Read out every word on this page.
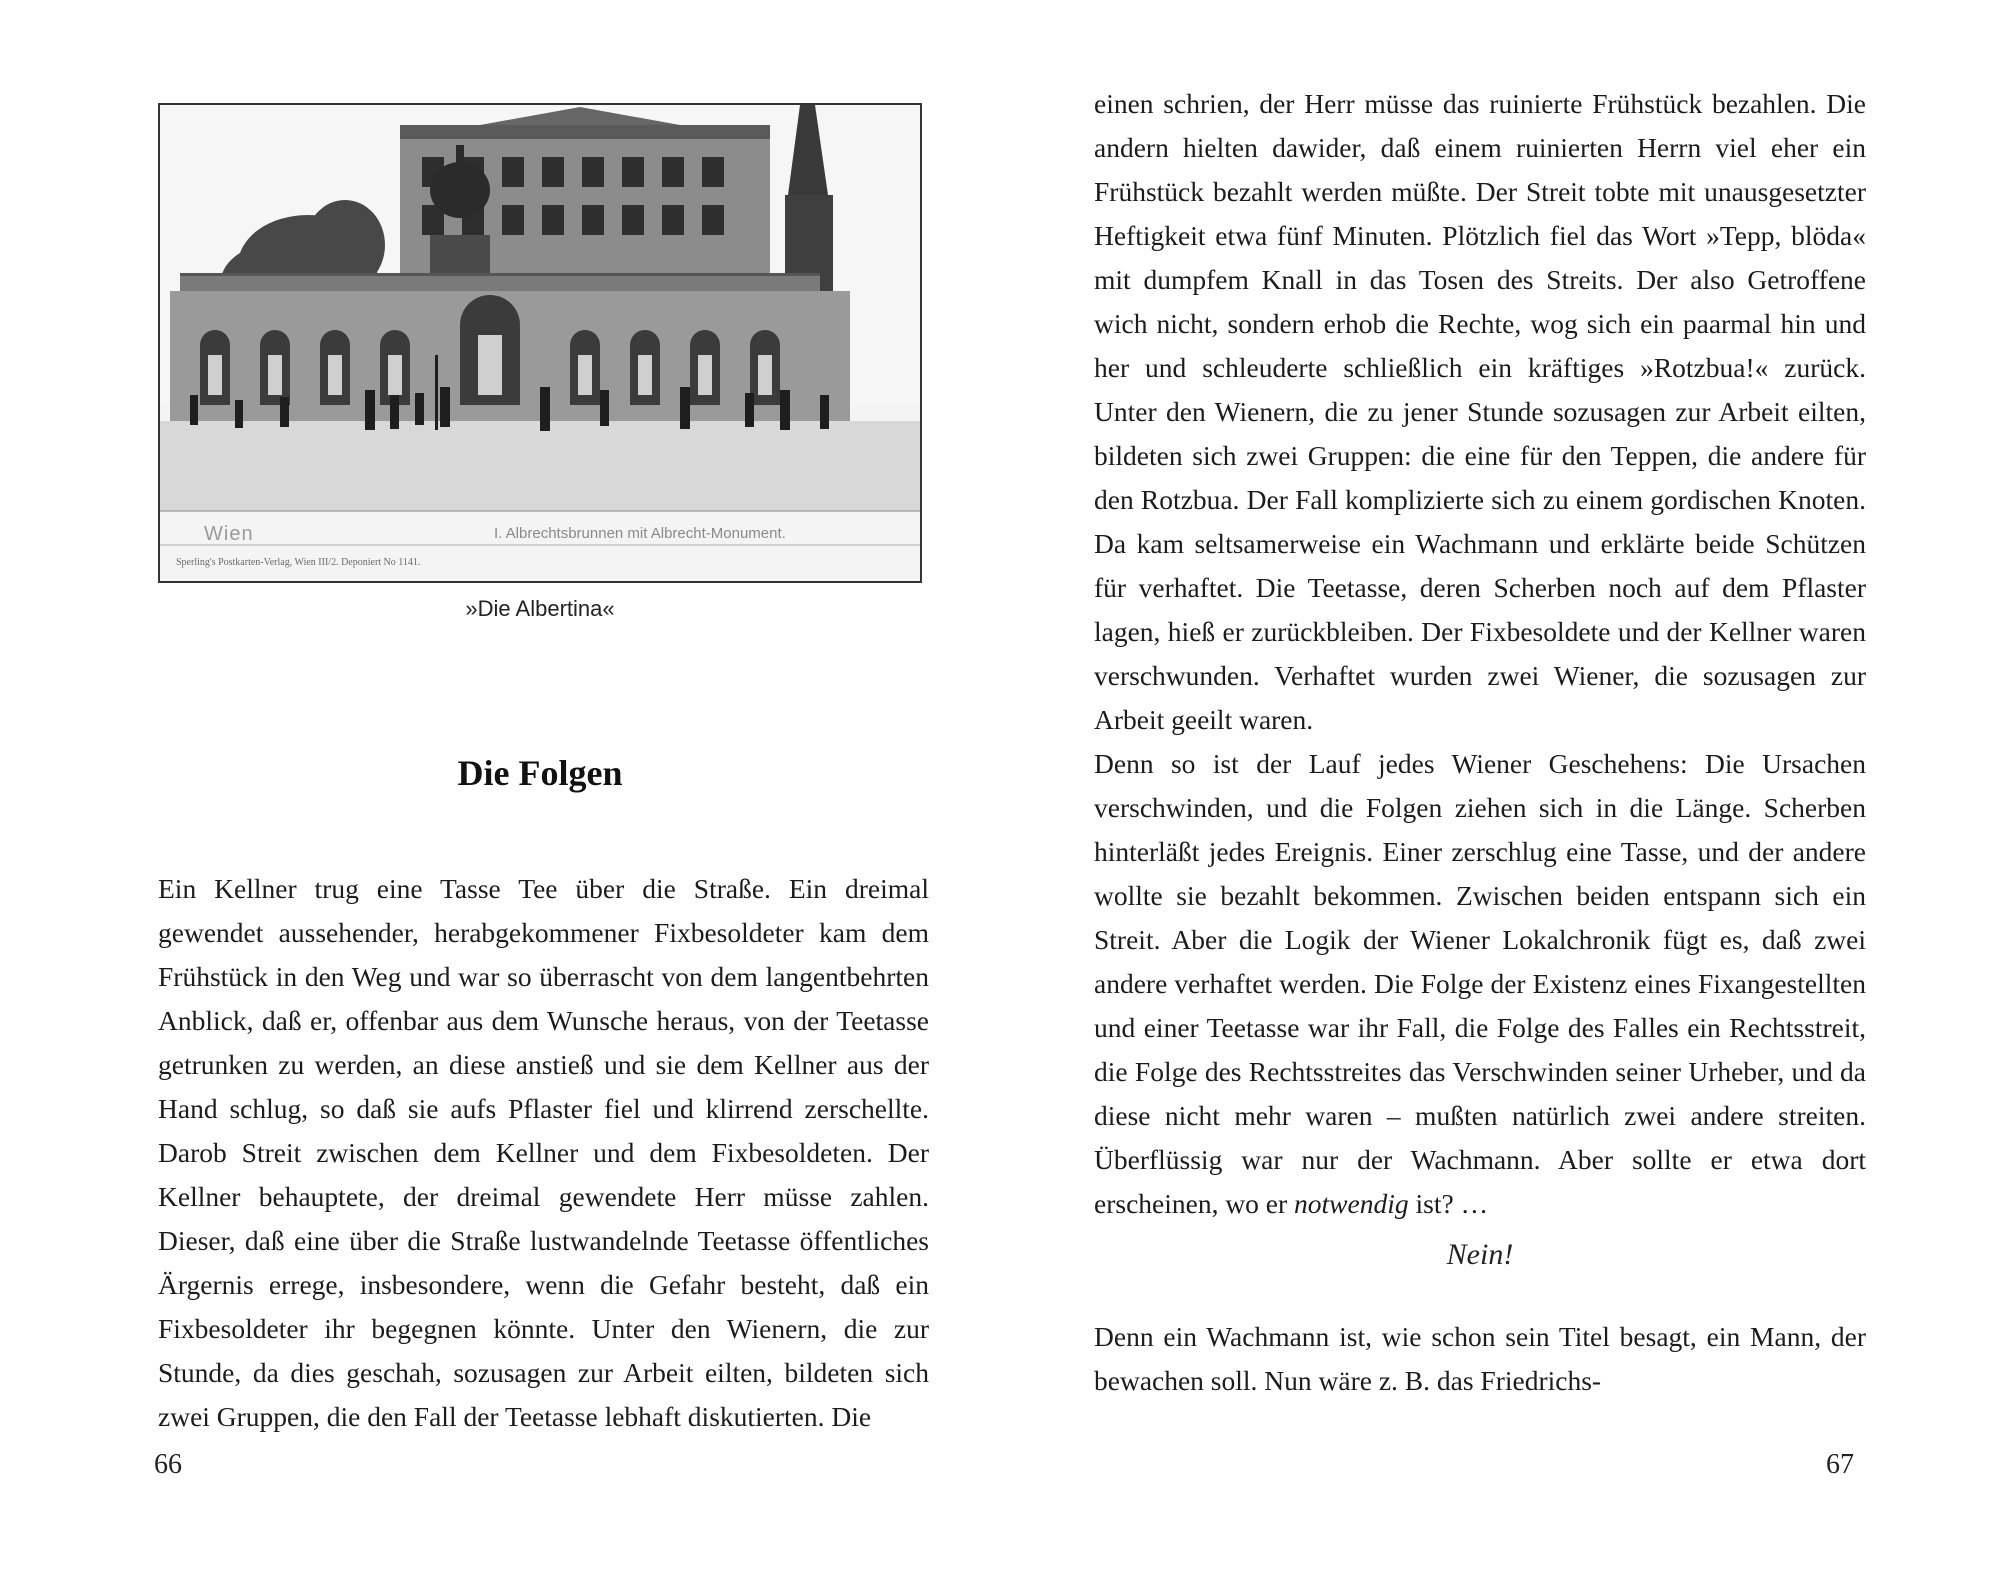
Wien	I. Albrechtsbrunnen mit Albrecht-Monument.
Sperling's Postkarten-Verlag, Wien III/2. Deponiert No 1141.
»Die Albertina«
Die Folgen

Ein Kellner trug eine Tasse Tee über die Straße. Ein dreimal gewendet aussehender, herabgekommener Fixbesoldeter kam dem Frühstück in den Weg und war so überrascht von dem langentbehrten Anblick, daß er, offenbar aus dem Wunsche heraus, von der Teetasse getrunken zu werden, an diese anstieß und sie dem Kellner aus der Hand schlug, so daß sie aufs Pflaster fiel und klirrend zerschellte. Darob Streit zwischen dem Kellner und dem Fixbesoldeten. Der Kellner behauptete, der dreimal gewendete Herr müsse zahlen. Dieser, daß eine über die Straße lustwandelnde Teetasse öffentliches Ärgernis errege, insbesondere, wenn die Gefahr besteht, daß ein Fixbesoldeter ihr begegnen könnte. Unter den Wienern, die zur Stunde, da dies geschah, sozusagen zur Arbeit eilten, bildeten sich zwei Gruppen, die den Fall der Teetasse lebhaft diskutierten. Die

66

einen schrien, der Herr müsse das ruinierte Frühstück bezahlen. Die andern hielten dawider, daß einem ruinierten Herrn viel eher ein Frühstück bezahlt werden müßte. Der Streit tobte mit unausgesetzter Heftigkeit etwa fünf Minuten. Plötzlich fiel das Wort »Tepp, blöda« mit dumpfem Knall in das Tosen des Streits. Der also Getroffene wich nicht, sondern erhob die Rechte, wog sich ein paarmal hin und her und schleuderte schließlich ein kräftiges »Rotzbua!« zurück. Unter den Wienern, die zu jener Stunde sozusagen zur Arbeit eilten, bildeten sich zwei Gruppen: die eine für den Teppen, die andere für den Rotzbua. Der Fall komplizierte sich zu einem gordischen Knoten. Da kam seltsamerweise ein Wachmann und erklärte beide Schützen für verhaftet. Die Teetasse, deren Scherben noch auf dem Pflaster lagen, hieß er zurückbleiben. Der Fixbesoldete und der Kellner waren verschwunden. Verhaftet wurden zwei Wiener, die sozusagen zur Arbeit geeilt waren.

Denn so ist der Lauf jedes Wiener Geschehens: Die Ursachen verschwinden, und die Folgen ziehen sich in die Länge. Scherben hinterläßt jedes Ereignis. Einer zerschlug eine Tasse, und der andere wollte sie bezahlt bekommen. Zwischen beiden entspann sich ein Streit. Aber die Logik der Wiener Lokalchronik fügt es, daß zwei andere verhaftet werden. Die Folge der Existenz eines Fixangestellten und einer Teetasse war ihr Fall, die Folge des Falles ein Rechtsstreit, die Folge des Rechtsstreites das Verschwinden seiner Urheber, und da diese nicht mehr waren – mußten natürlich zwei andere streiten. Überflüssig war nur der Wachmann. Aber sollte er etwa dort erscheinen, wo er notwendig ist? …

Nein!

Denn ein Wachmann ist, wie schon sein Titel besagt, ein Mann, der bewachen soll. Nun wäre z. B. das Friedrichs-

67
